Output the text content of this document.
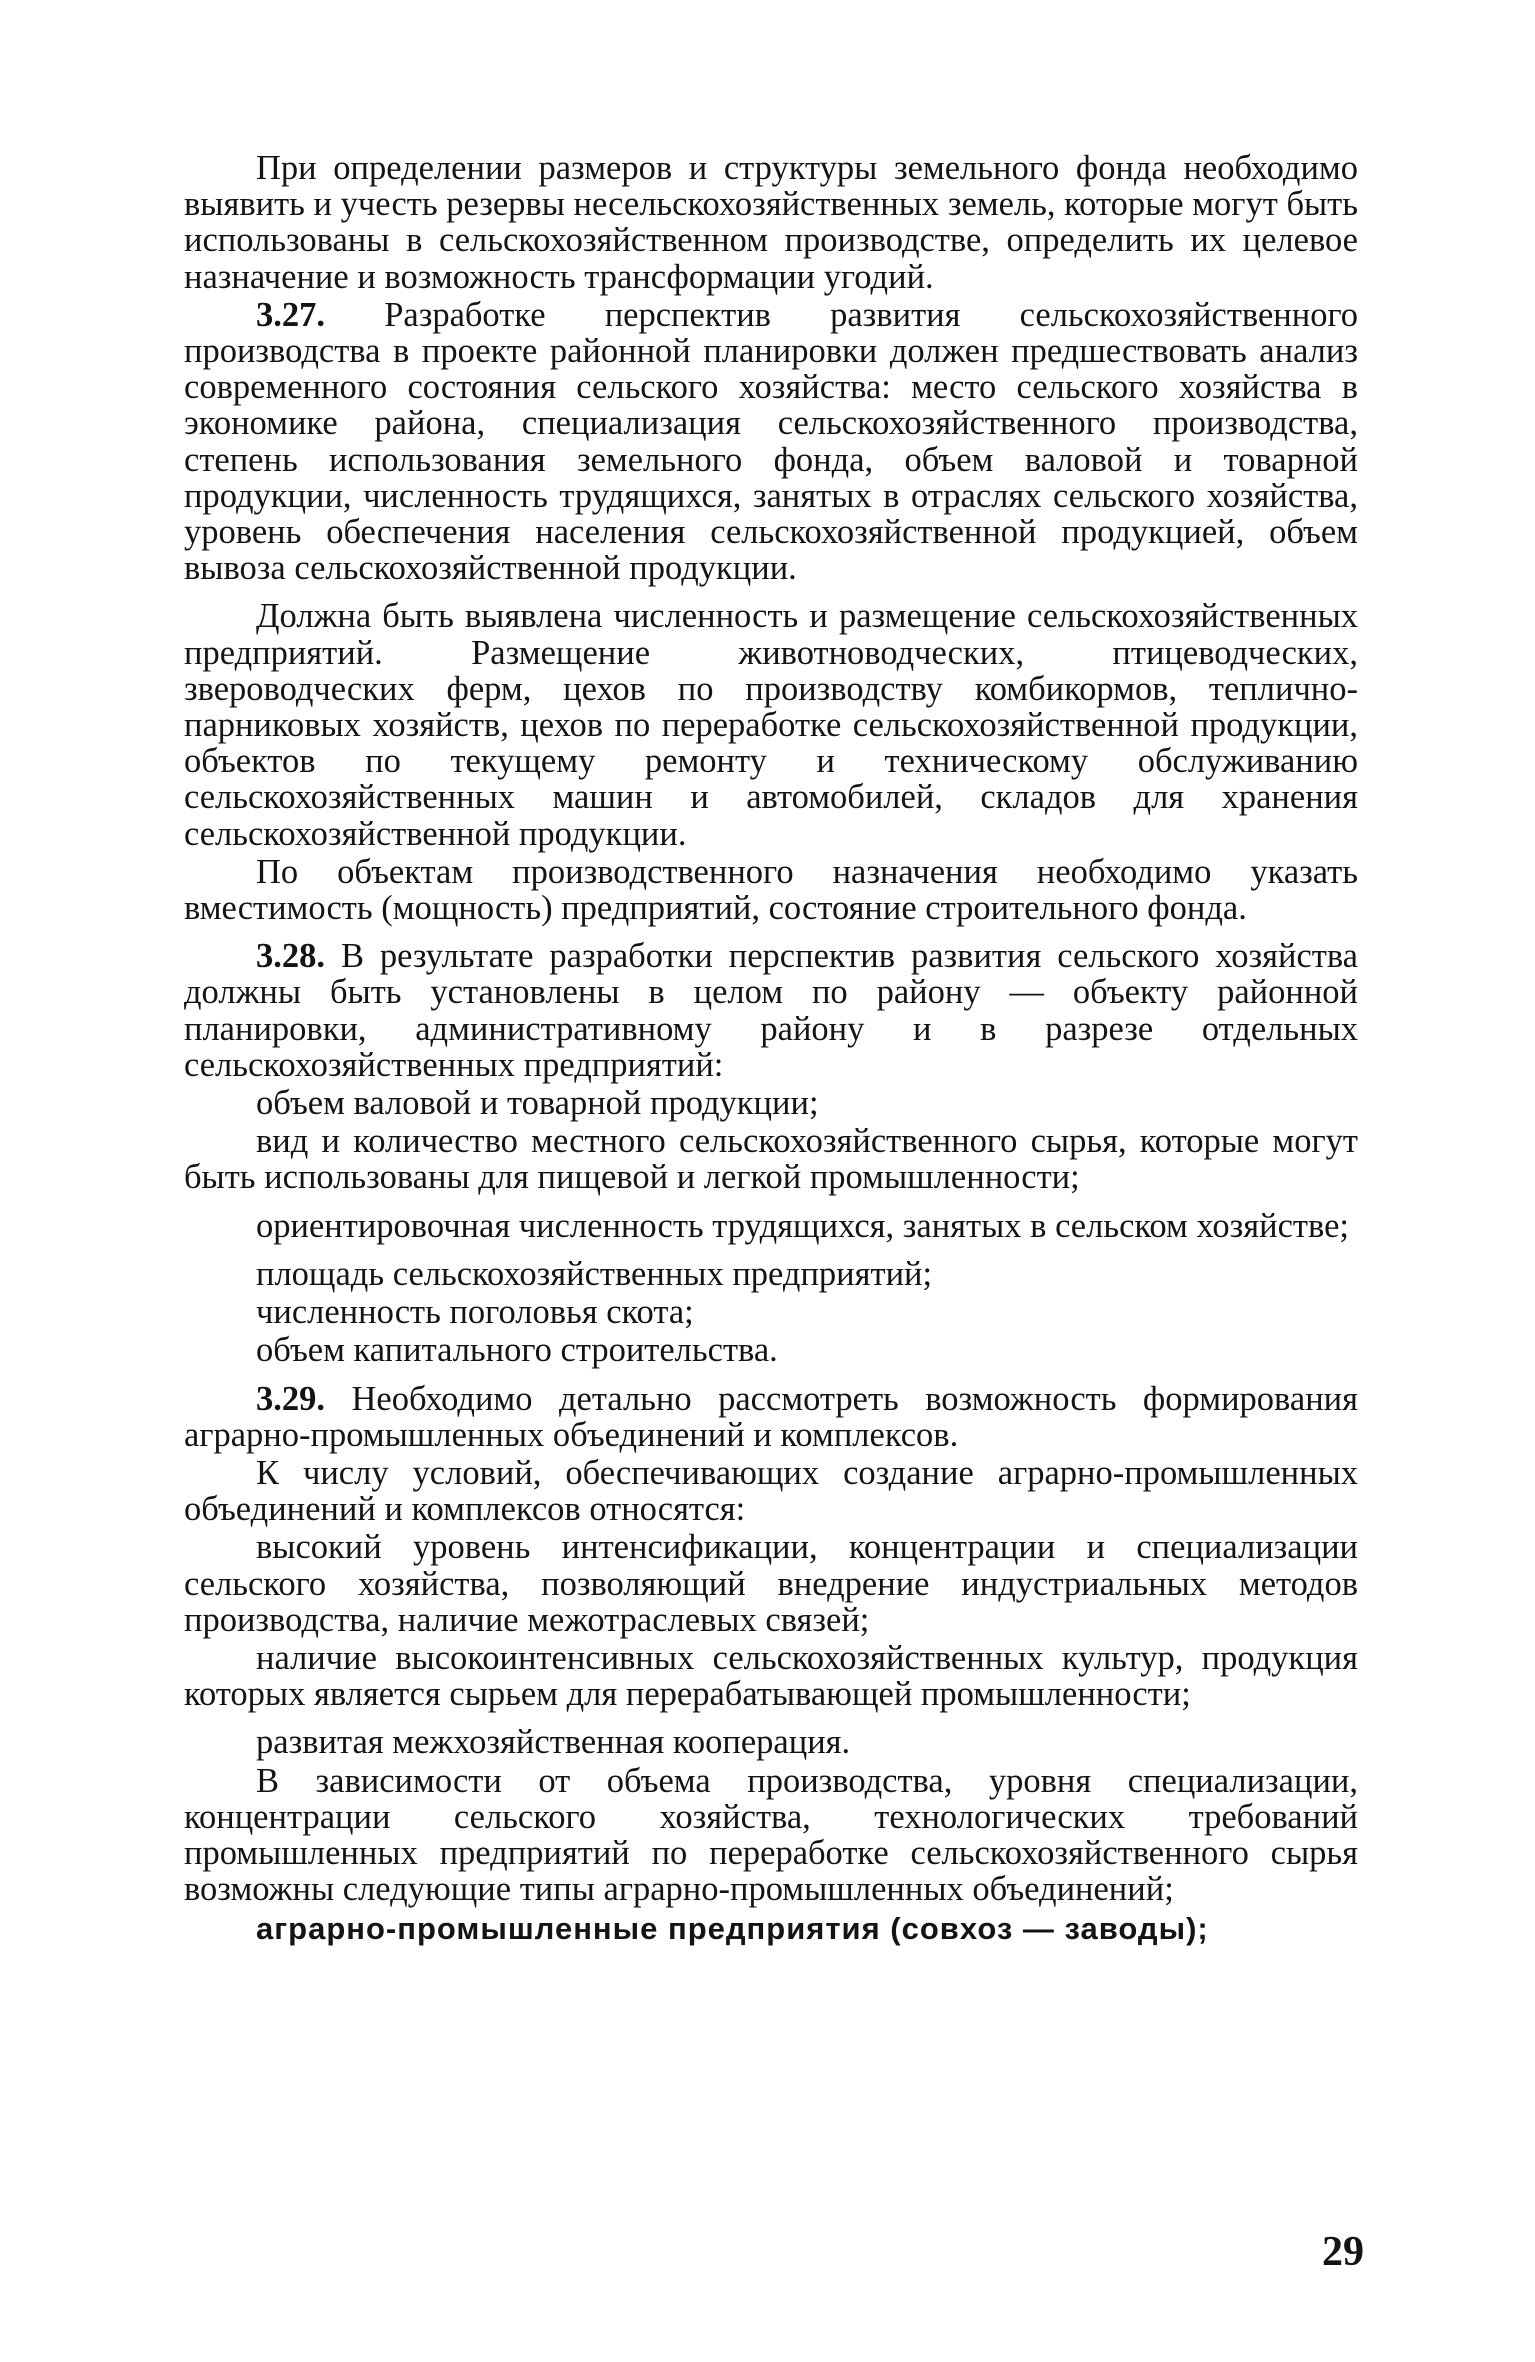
При определении размеров и структуры земельного фонда необходимо выявить и учесть резервы несельскохозяйственных земель, которые могут быть использованы в сельскохозяйственном производстве, определить их целевое назначение и возможность трансформации угодий.

3.27. Разработке перспектив развития сельскохозяйственного производства в проекте районной планировки должен предшествовать анализ современного состояния сельского хозяйства: место сельского хозяйства в экономике района, специализация сельскохозяйственного производства, степень использования земельного фонда, объем валовой и товарной продукции, численность трудящихся, занятых в отраслях сельского хозяйства, уровень обеспечения населения сельскохозяйственной продукцией, объем вывоза сельскохозяйственной продукции.

Должна быть выявлена численность и размещение сельскохозяйственных предприятий. Размещение животноводческих, птицеводческих, звероводческих ферм, цехов по производству комбикормов, теплично-парниковых хозяйств, цехов по переработке сельскохозяйственной продукции, объектов по текущему ремонту и техническому обслуживанию сельскохозяйственных машин и автомобилей, складов для хранения сельскохозяйственной продукции.

По объектам производственного назначения необходимо указать вместимость (мощность) предприятий, состояние строительного фонда.

3.28. В результате разработки перспектив развития сельского хозяйства должны быть установлены в целом по району — объекту районной планировки, административному району и в разрезе отдельных сельскохозяйственных предприятий:

объем валовой и товарной продукции;

вид и количество местного сельскохозяйственного сырья, которые могут быть использованы для пищевой и легкой промышленности;

ориентировочная численность трудящихся, занятых в сельском хозяйстве;

площадь сельскохозяйственных предприятий;

численность поголовья скота;

объем капитального строительства.

3.29. Необходимо детально рассмотреть возможность формирования аграрно-промышленных объединений и комплексов.

К числу условий, обеспечивающих создание аграрно-промышленных объединений и комплексов относятся:

высокий уровень интенсификации, концентрации и специализации сельского хозяйства, позволяющий внедрение индустриальных методов производства, наличие межотраслевых связей;

наличие высокоинтенсивных сельскохозяйственных культур, продукция которых является сырьем для перерабатывающей промышленности;

развитая межхозяйственная кооперация.

В зависимости от объема производства, уровня специализации, концентрации сельского хозяйства, технологических требований промышленных предприятий по переработке сельскохозяйственного сырья возможны следующие типы аграрно-промышленных объединений;

аграрно-промышленные предприятия (совхоз — заводы);

29
